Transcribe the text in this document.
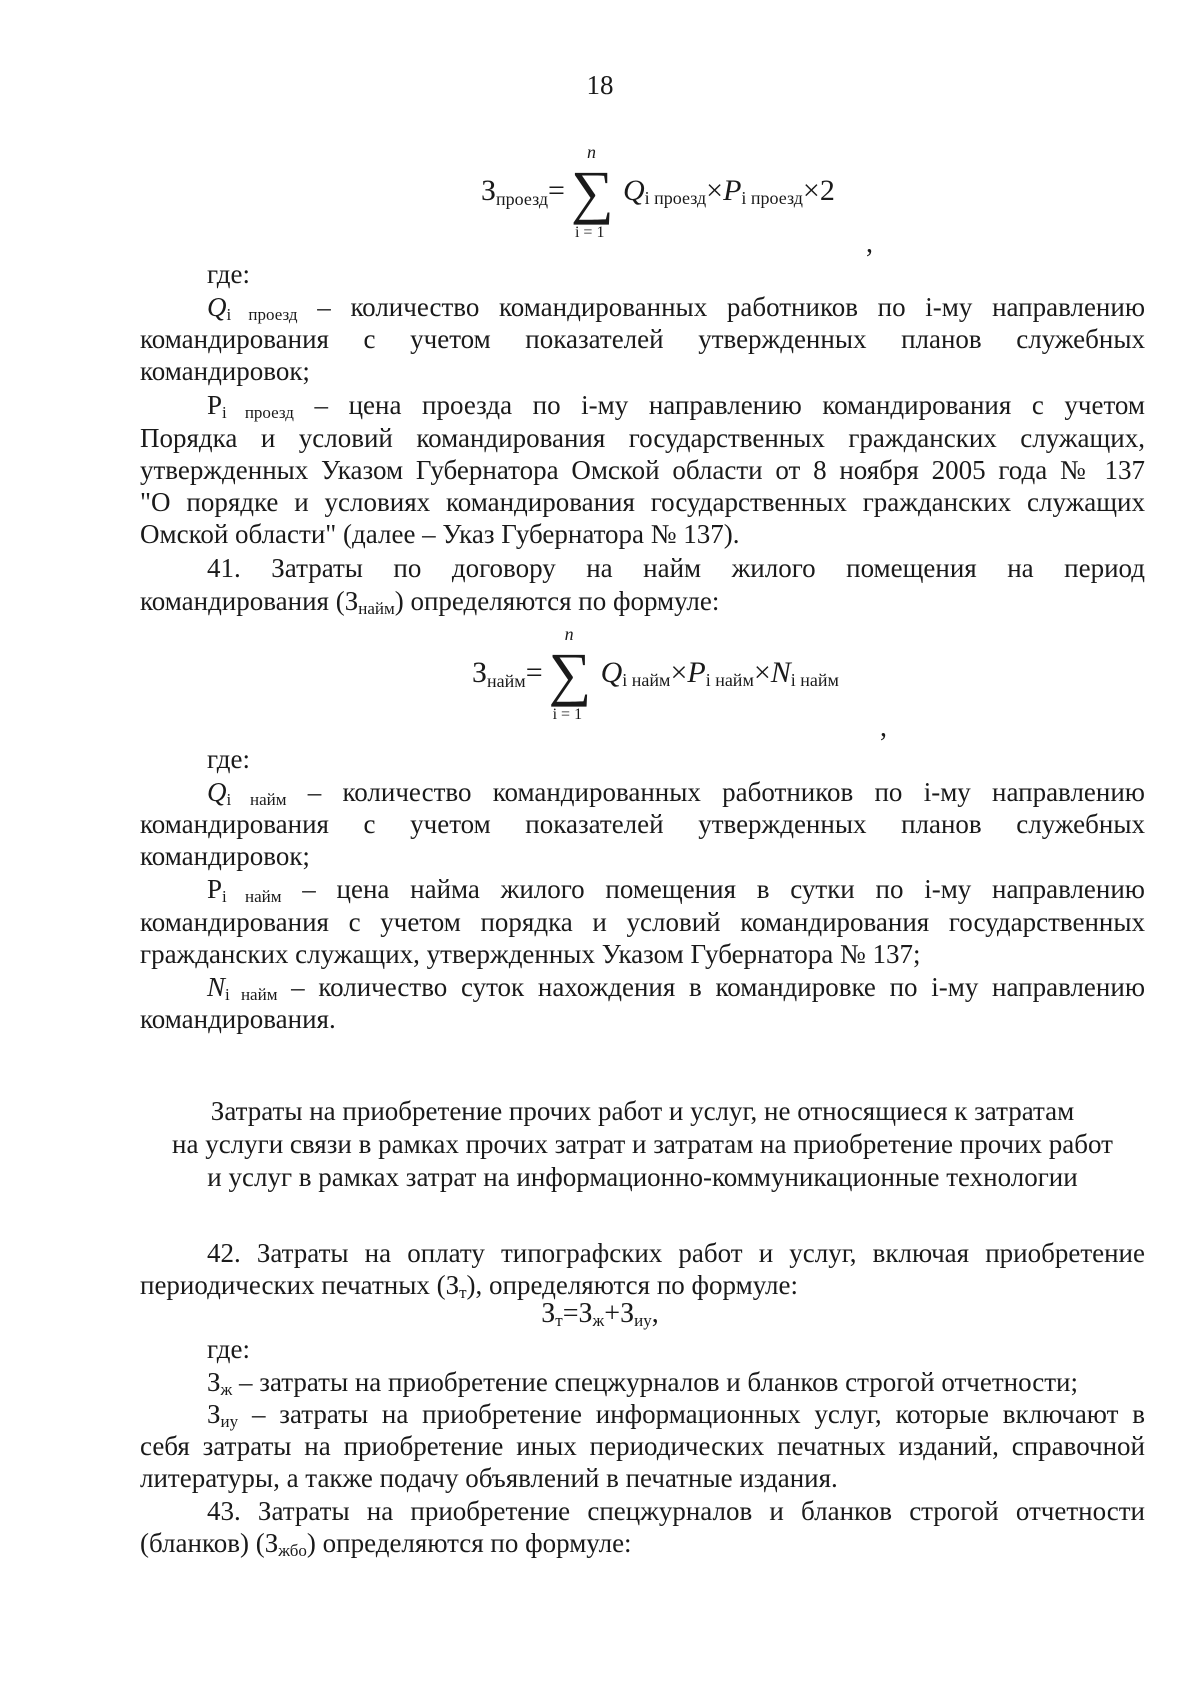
18
$З_{проезд}=$ ∑
n
i = 1
Qi проезд×Pi проезд×2
,
где:
Qi проезд – количество командированных работников по i-му направлению
командирования с учетом показателей утвержденных планов служебных
командировок;
Pi проезд – цена проезда по i-му направлению командирования с учетом
Порядка и условий командирования государственных гражданских служащих,
утвержденных Указом Губернатора Омской области от 8 ноября 2005 года № 137
"О порядке и условиях командирования государственных гражданских служащих
Омской области" (далее – Указ Губернатора № 137).
41. Затраты по договору на найм жилого помещения на период
командирования (Знайм) определяются по формуле:
$З_{найм}=$ ∑
n
i = 1
Qi найм×Pi найм×Ni найм
,
где:
Qi найм – количество командированных работников по i-му направлению
командирования с учетом показателей утвержденных планов служебных
командировок;
Pi найм – цена найма жилого помещения в сутки по i-му направлению
командирования с учетом порядка и условий командирования государственных
гражданских служащих, утвержденных Указом Губернатора № 137;
Ni найм – количество суток нахождения в командировке по i-му направлению
командирования.
Затраты на приобретение прочих работ и услуг, не относящиеся к затратам
на услуги связи в рамках прочих затрат и затратам на приобретение прочих работ
и услуг в рамках затрат на информационно-коммуникационные технологии
42. Затраты на оплату типографских работ и услуг, включая приобретение
периодических печатных (Зт), определяются по формуле:
Зт=Зж+Зиу,
где:
Зж – затраты на приобретение спецжурналов и бланков строгой отчетности;
Зиу – затраты на приобретение информационных услуг, которые включают в
себя затраты на приобретение иных периодических печатных изданий, справочной
литературы, а также подачу объявлений в печатные издания.
43. Затраты на приобретение спецжурналов и бланков строгой отчетности
(бланков) (Зжбо) определяются по формуле:
